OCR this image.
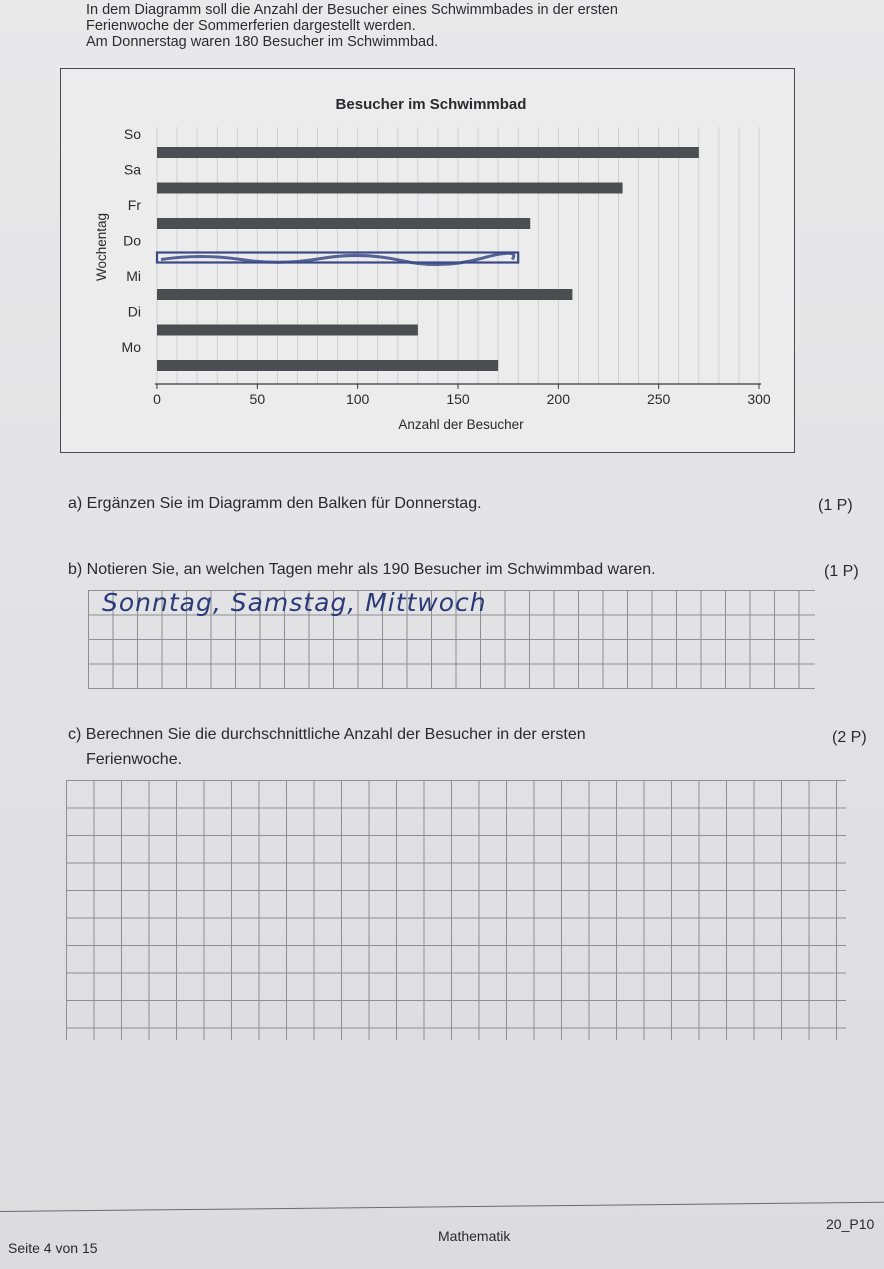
In dem Diagramm soll die Anzahl der Besucher eines Schwimmbades in der ersten
Ferienwoche der Sommerferien dargestellt werden.
Am Donnerstag waren 180 Besucher im Schwimmbad.
Besucher im Schwimmbad
So
Sa
Fr
Do
Mi
Di
Mo
0	50	100	150	200	250	300
Anzahl der Besucher
Wochentag
a) Ergänzen Sie im Diagramm den Balken für Donnerstag.	(1 P)
b) Notieren Sie, an welchen Tagen mehr als 190 Besucher im Schwimmbad waren.	(1 P)
Sonntag, Samstag, Mittwoch
c) Berechnen Sie die durchschnittliche Anzahl der Besucher in der ersten
Ferienwoche.
(2 P)
Seite 4 von 15
Mathematik
20_P10
